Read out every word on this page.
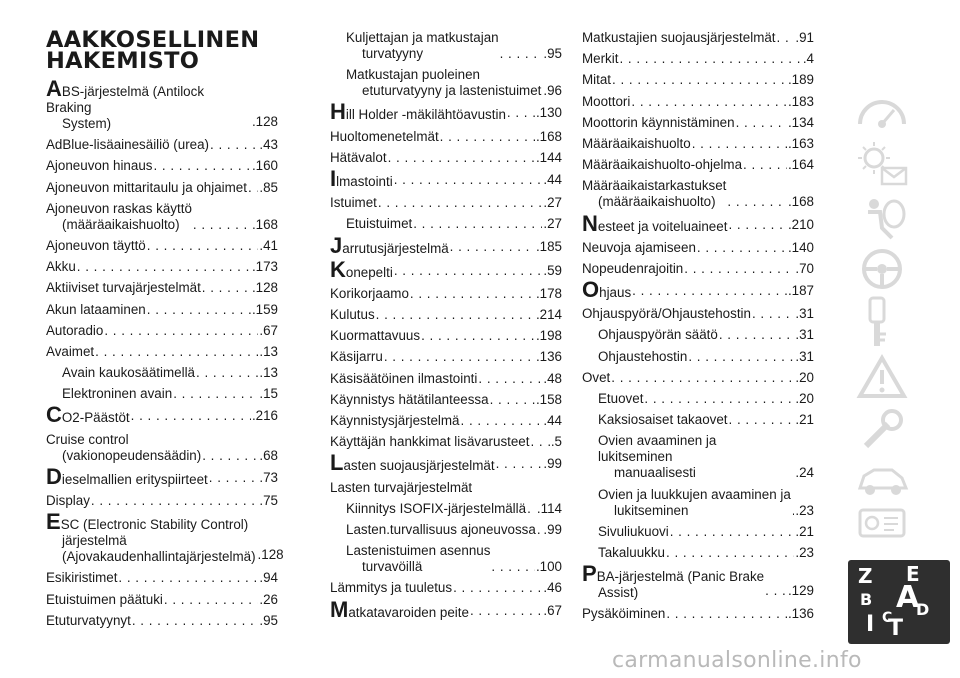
AAKKOSELLINEN
HAKEMISTO
ABS-järjestelmä (Antilock Braking
System)	.128
AdBlue-lisäainesäiliö (urea) . . .	.43
Ajoneuvon hinaus . . .	.160
Ajoneuvon mittaritaulu ja ohjaimet . . . .85
Ajoneuvon raskas käyttö
(määräaikaishuolto) . . .	.168
Ajoneuvon täyttö . . .	.41
Akku . . .	.173
Aktiiviset turvajärjestelmät . . .	.128
Akun lataaminen . . .	.159
Autoradio . . .	.67
Avaimet . . .	.13
Avain kaukosäätimellä . . .	.13
Elektroninen avain . . .	.15
CO2-Päästöt . . .	.216
Cruise control
(vakionopeudensäädin) . . .	.68
Dieselmallien erityspiirteet . . .	.73
Display . . .	.75
ESC (Electronic Stability Control)
järjestelmä
(Ajovakaudenhallintajärjestelmä) .128
Esikiristimet . . .	.94
Etuistuimen päätuki . . .	.26
Etuturvatyynyt . . .	.95
Kuljettajan ja matkustajan
turvatyyny . . .	.95
Matkustajan puoleinen
etuturvatyyny ja lastenistuimet .96
Hill Holder -mäkilähtöavustin . . . .130
Huoltomenetelmät . . .	.168
Hätävalot . . .	.144
Ilmastointi . . .	.44
Istuimet . . .	.27
Etuistuimet . . .	.27
Jarrutusjärjestelmä . . .	.185
Konepelti . . .	.59
Korikorjaamo . . .	.178
Kulutus . . .	.214
Kuormattavuus . . .	.198
Käsijarru . . .	.136
Käsisäätöinen ilmastointi . . .	.48
Käynnistys hätätilanteessa . . .	.158
Käynnistysjärjestelmä . . .	.44
Käyttäjän hankkimat lisävarusteet . . . .5
Lasten suojausjärjestelmät . . .	.99
Lasten turvajärjestelmät
Kiinnitys ISOFIX-järjestelmällä . . . .114
Lasten.turvallisuus ajoneuvossa . . . .99
Lastenistuimen asennus
turvavöillä . . .	.100
Lämmitys ja tuuletus . . .	.46
Matkatavaroiden peite . . .	.67
Matkustajien suojausjärjestelmät . . . .91
Merkit . . .	.4
Mitat . . .	.189
Moottori . . .	.183
Moottorin käynnistäminen . . .	.134
Määräaikaishuolto . . .	.163
Määräaikaishuolto-ohjelma . . .	.164
Määräaikaistarkastukset
(määräaikaishuolto) . . .	.168
Nesteet ja voiteluaineet . . .	.210
Neuvoja ajamiseen . . .	.140
Nopeudenrajoitin . . .	.70
Ohjaus . . .	.187
Ohjauspyörä/Ohjaustehostin . . .	.31
Ohjauspyörän säätö . . .	.31
Ohjaustehostin . . .	.31
Ovet . . .	.20
Etuovet . . .	.20
Kaksiosaiset takaovet . . .	.21
Ovien avaaminen ja lukitseminen
manuaalisesti	.24
Ovien ja luukkujen avaaminen ja
lukitseminen . . .	.23
Sivuliukuovi . . .	.21
Takaluukku . . .	.23
PBA-järjestelmä (Panic Brake
Assist) . . .	.129
Pysäköiminen . . .	.136
Z E
B A
I C
T
D
carmanualsonline.info
